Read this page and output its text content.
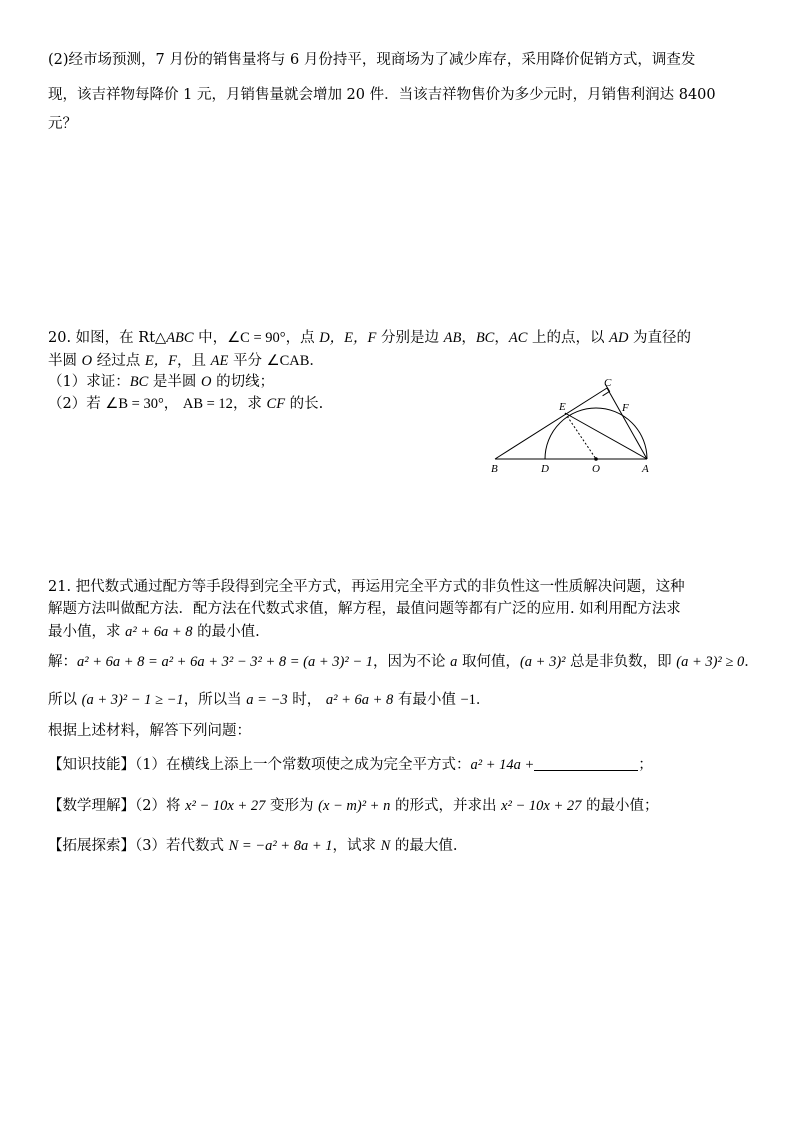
(2)经市场预测，7 月份的销售量将与 6 月份持平，现商场为了减少库存，采用降价促销方式，调查发
现，该吉祥物每降价 1 元，月销售量就会增加 20 件．当该吉祥物售价为多少元时，月销售利润达 8400
元？
20. 如图，在 Rt△ABC 中，∠C = 90°，点 D，E，F 分别是边 AB，BC，AC 上的点，以 AD 为直径的
半圆 O 经过点 E，F，且 AE 平分 ∠CAB．
（1）求证：BC 是半圆 O 的切线；
（2）若 ∠B = 30°， AB = 12，求 CF 的长.
B	D	O	A
E	F
C
21. 把代数式通过配方等手段得到完全平方式，再运用完全平方式的非负性这一性质解决问题，这种
解题方法叫做配方法．配方法在代数式求值，解方程，最值问题等都有广泛的应用. 如利用配方法求
最小值，求 a² + 6a + 8 的最小值.
解：a² + 6a + 8 = a² + 6a + 3² − 3² + 8 = (a + 3)² − 1，因为不论 a 取何值，(a + 3)² 总是非负数，即 (a + 3)² ≥ 0．
所以 (a + 3)² − 1 ≥ −1，所以当 a = −3 时， a² + 6a + 8 有最小值 −1．
根据上述材料，解答下列问题：
【知识技能】（1）在横线上添上一个常数项使之成为完全平方式：a² + 14a +	；
【数学理解】（2）将 x² − 10x + 27 变形为 (x − m)² + n 的形式，并求出 x² − 10x + 27 的最小值；
【拓展探索】（3）若代数式 N = −a² + 8a + 1，试求 N 的最大值.
